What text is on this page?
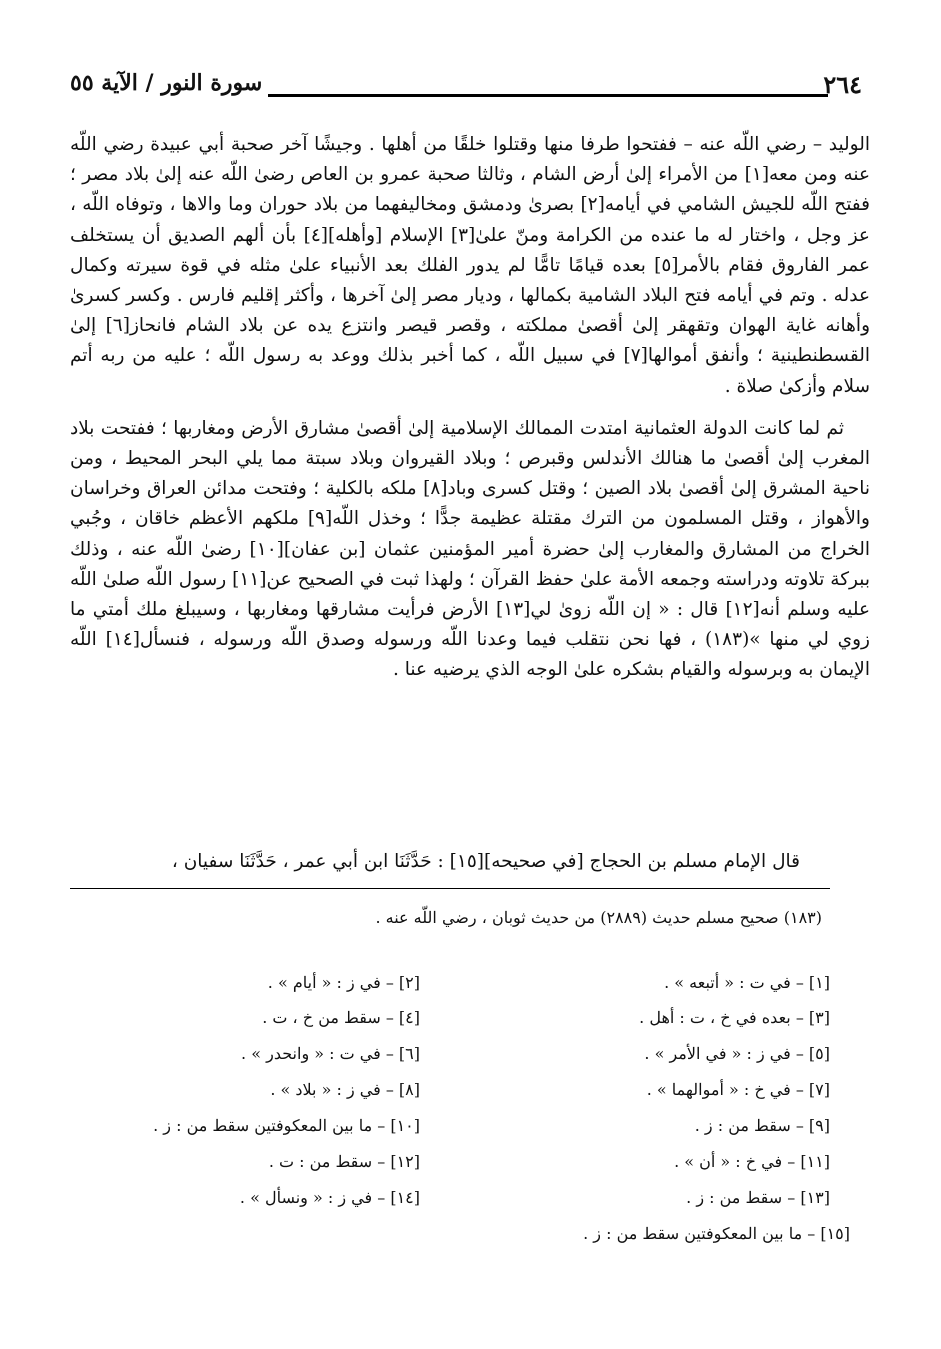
٢٦٤
سورة النور / الآية ٥٥

الوليد – رضي اللّه عنه – ففتحوا طرفا منها وقتلوا خلقًا من أهلها . وجيشًا آخر صحبة أبي عبيدة رضي اللّه عنه ومن معه[١] من الأمراء إلىٰ أرض الشام ، وثالثا صحبة عمرو بن العاص رضىٰ اللّه عنه إلىٰ بلاد مصر ؛ ففتح اللّه للجيش الشامي في أيامه[٢] بصرىٰ ودمشق ومخاليفهما من بلاد حوران وما والاها ، وتوفاه اللّه ، عز وجل ، واختار له ما عنده من الكرامة ومنّ علىٰ[٣] الإسلام [وأهله][٤] بأن ألهم الصديق أن يستخلف عمر الفاروق فقام بالأمر[٥] بعده قيامًا تامًّا لم يدور الفلك بعد الأنبياء علىٰ مثله في قوة سيرته وكمال عدله . وتم في أيامه فتح البلاد الشامية بكمالها ، وديار مصر إلىٰ آخرها ، وأكثر إقليم فارس . وكسر كسرىٰ وأهانه غاية الهوان وتقهقر إلىٰ أقصىٰ مملكته ، وقصر قيصر وانتزع يده عن بلاد الشام فانحاز[٦] إلىٰ القسطنطينية ؛ وأنفق أموالها[٧] في سبيل اللّه ، كما أخبر بذلك ووعد به رسول اللّه ؛ عليه من ربه أتم سلام وأزكىٰ صلاة .

ثم لما كانت الدولة العثمانية امتدت الممالك الإسلامية إلىٰ أقصىٰ مشارق الأرض ومغاربها ؛ ففتحت بلاد المغرب إلىٰ أقصىٰ ما هنالك الأندلس وقبرص ؛ وبلاد القيروان وبلاد سبتة مما يلي البحر المحيط ، ومن ناحية المشرق إلىٰ أقصىٰ بلاد الصين ؛ وقتل كسرى وباد[٨] ملكه بالكلية ؛ وفتحت مدائن العراق وخراسان والأهواز ، وقتل المسلمون من الترك مقتلة عظيمة جدًّا ؛ وخذل اللّه[٩] ملكهم الأعظم خاقان ، وجُبي الخراج من المشارق والمغارب إلىٰ حضرة أمير المؤمنين عثمان [بن عفان][١٠] رضىٰ اللّه عنه ، وذلك ببركة تلاوته ودراسته وجمعه الأمة علىٰ حفظ القرآن ؛ ولهذا ثبت في الصحيح عن[١١] رسول اللّه صلىٰ اللّه عليه وسلم أنه[١٢] قال : « إن اللّه زوىٰ لي[١٣] الأرض فرأيت مشارقها ومغاربها ، وسيبلغ ملك أمتي ما زوي لي منها »(١٨٣) ، فها نحن نتقلب فيما وعدنا اللّه ورسوله وصدق اللّه ورسوله ، فنسأل[١٤] اللّه الإيمان به وبرسوله والقيام بشكره علىٰ الوجه الذي يرضيه عنا .

قال الإمام مسلم بن الحجاج [في صحيحه][١٥] : حَدَّثَنَا ابن أبي عمر ، حَدَّثَنَا سفيان ،

(١٨٣) صحيح مسلم حديث (٢٨٨٩) من حديث ثوبان ، رضي اللّه عنه .
[١] – في ت : « أتبعه » .
[٢] – في ز : « أيام » .
[٣] – بعده في خ ، ت : أهل .
[٤] – سقط من خ ، ت .
[٥] – في ز : « في الأمر » .
[٦] – في ت : « وانحدر » .
[٧] – في خ : « أموالهما » .
[٨] – في ز : « بلاد » .
[٩] – سقط من : ز .
[١٠] – ما بين المعكوفتين سقط من : ز .
[١١] – في خ : « أن » .
[١٢] – سقط من : ت .
[١٣] – سقط من : ز .
[١٤] – في ز : « ونسأل » .
[١٥] – ما بين المعكوفتين سقط من : ز .
